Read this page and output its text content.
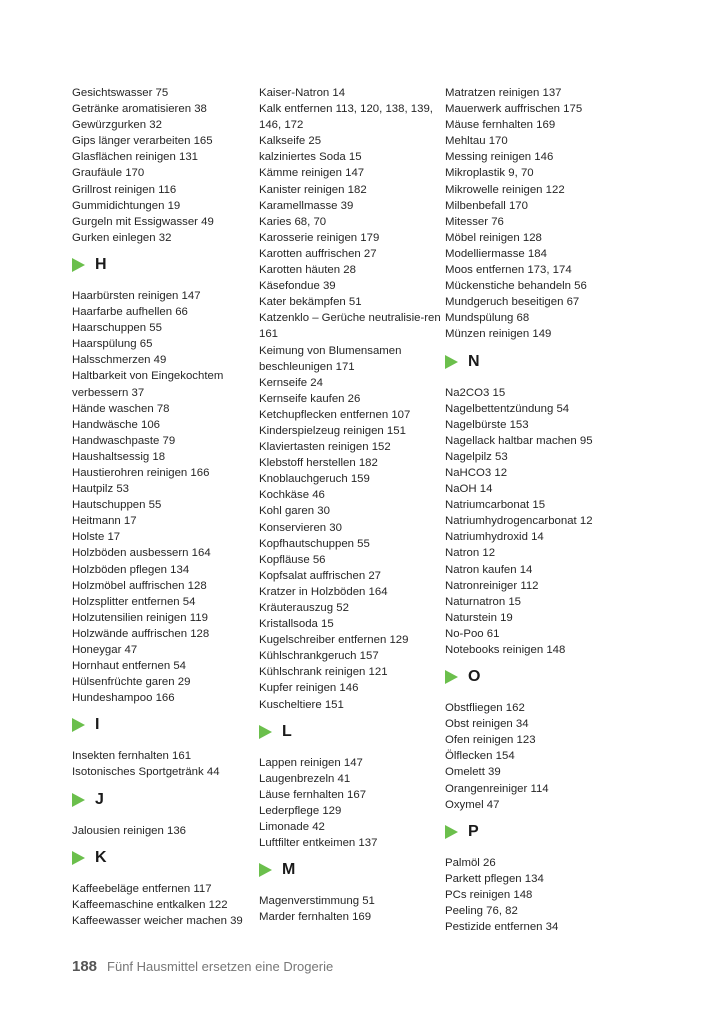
Gesichtswasser 75
Getränke aromatisieren 38
Gewürzgurken 32
Gips länger verarbeiten 165
Glasflächen reinigen 131
Graufäule 170
Grillrost reinigen 116
Gummidichtungen 19
Gurgeln mit Essigwasser 49
Gurken einlegen 32
H
Haarbürsten reinigen 147
Haarfarbe aufhellen 66
Haarschuppen 55
Haarspülung 65
Halsschmerzen 49
Haltbarkeit von Eingekochtem verbessern 37
Hände waschen 78
Handwäsche 106
Handwaschpaste 79
Haushaltsessig 18
Haustierohren reinigen 166
Hautpilz 53
Hautschuppen 55
Heitmann 17
Holste 17
Holzböden ausbessern 164
Holzböden pflegen 134
Holzmöbel auffrischen 128
Holzsplitter entfernen 54
Holzutensilien reinigen 119
Holzwände auffrischen 128
Honeygar 47
Hornhaut entfernen 54
Hülsenfrüchte garen 29
Hundeshampoo 166
I
Insekten fernhalten 161
Isotonisches Sportgetränk 44
J
Jalousien reinigen 136
K
Kaffeebeläge entfernen 117
Kaffeemaschine entkalken 122
Kaffeewasser weicher machen 39
Kaiser-Natron 14
Kalk entfernen 113, 120, 138, 139, 146, 172
Kalkseife 25
kalziniertes Soda 15
Kämme reinigen 147
Kanister reinigen 182
Karamellmasse 39
Karies 68, 70
Karosserie reinigen 179
Karotten auffrischen 27
Karotten häuten 28
Käsefondue 39
Kater bekämpfen 51
Katzenklo – Gerüche neutralisie-ren 161
Keimung von Blumensamen beschleunigen 171
Kernseife 24
Kernseife kaufen 26
Ketchupflecken entfernen 107
Kinderspielzeug reinigen 151
Klaviertasten reinigen 152
Klebstoff herstellen 182
Knoblauchgeruch 159
Kochkäse 46
Kohl garen 30
Konservieren 30
Kopfhautschuppen 55
Kopfläuse 56
Kopfsalat auffrischen 27
Kratzer in Holzböden 164
Kräuterauszug 52
Kristallsoda 15
Kugelschreiber entfernen 129
Kühlschrankgeruch 157
Kühlschrank reinigen 121
Kupfer reinigen 146
Kuscheltiere 151
L
Lappen reinigen 147
Laugenbrezeln 41
Läuse fernhalten 167
Lederpflege 129
Limonade 42
Luftfilter entkeimen 137
M
Magenverstimmung 51
Marder fernhalten 169
Matratzen reinigen 137
Mauerwerk auffrischen 175
Mäuse fernhalten 169
Mehltau 170
Messing reinigen 146
Mikroplastik 9, 70
Mikrowelle reinigen 122
Milbenbefall 170
Mitesser 76
Möbel reinigen 128
Modelliermasse 184
Moos entfernen 173, 174
Mückenstiche behandeln 56
Mundgeruch beseitigen 67
Mundspülung 68
Münzen reinigen 149
N
Na2CO3 15
Nagelbettentzündung 54
Nagelbürste 153
Nagellack haltbar machen 95
Nagelpilz 53
NaHCO3 12
NaOH 14
Natriumcarbonat 15
Natriumhydrogencarbonat 12
Natriumhydroxid 14
Natron 12
Natron kaufen 14
Natronreiniger 112
Naturnatron 15
Naturstein 19
No-Poo 61
Notebooks reinigen 148
O
Obstfliegen 162
Obst reinigen 34
Ofen reinigen 123
Ölflecken 154
Omelett 39
Orangenreiniger 114
Oxymel 47
P
Palmöl 26
Parkett pflegen 134
PCs reinigen 148
Peeling 76, 82
Pestizide entfernen 34
188 Fünf Hausmittel ersetzen eine Drogerie
